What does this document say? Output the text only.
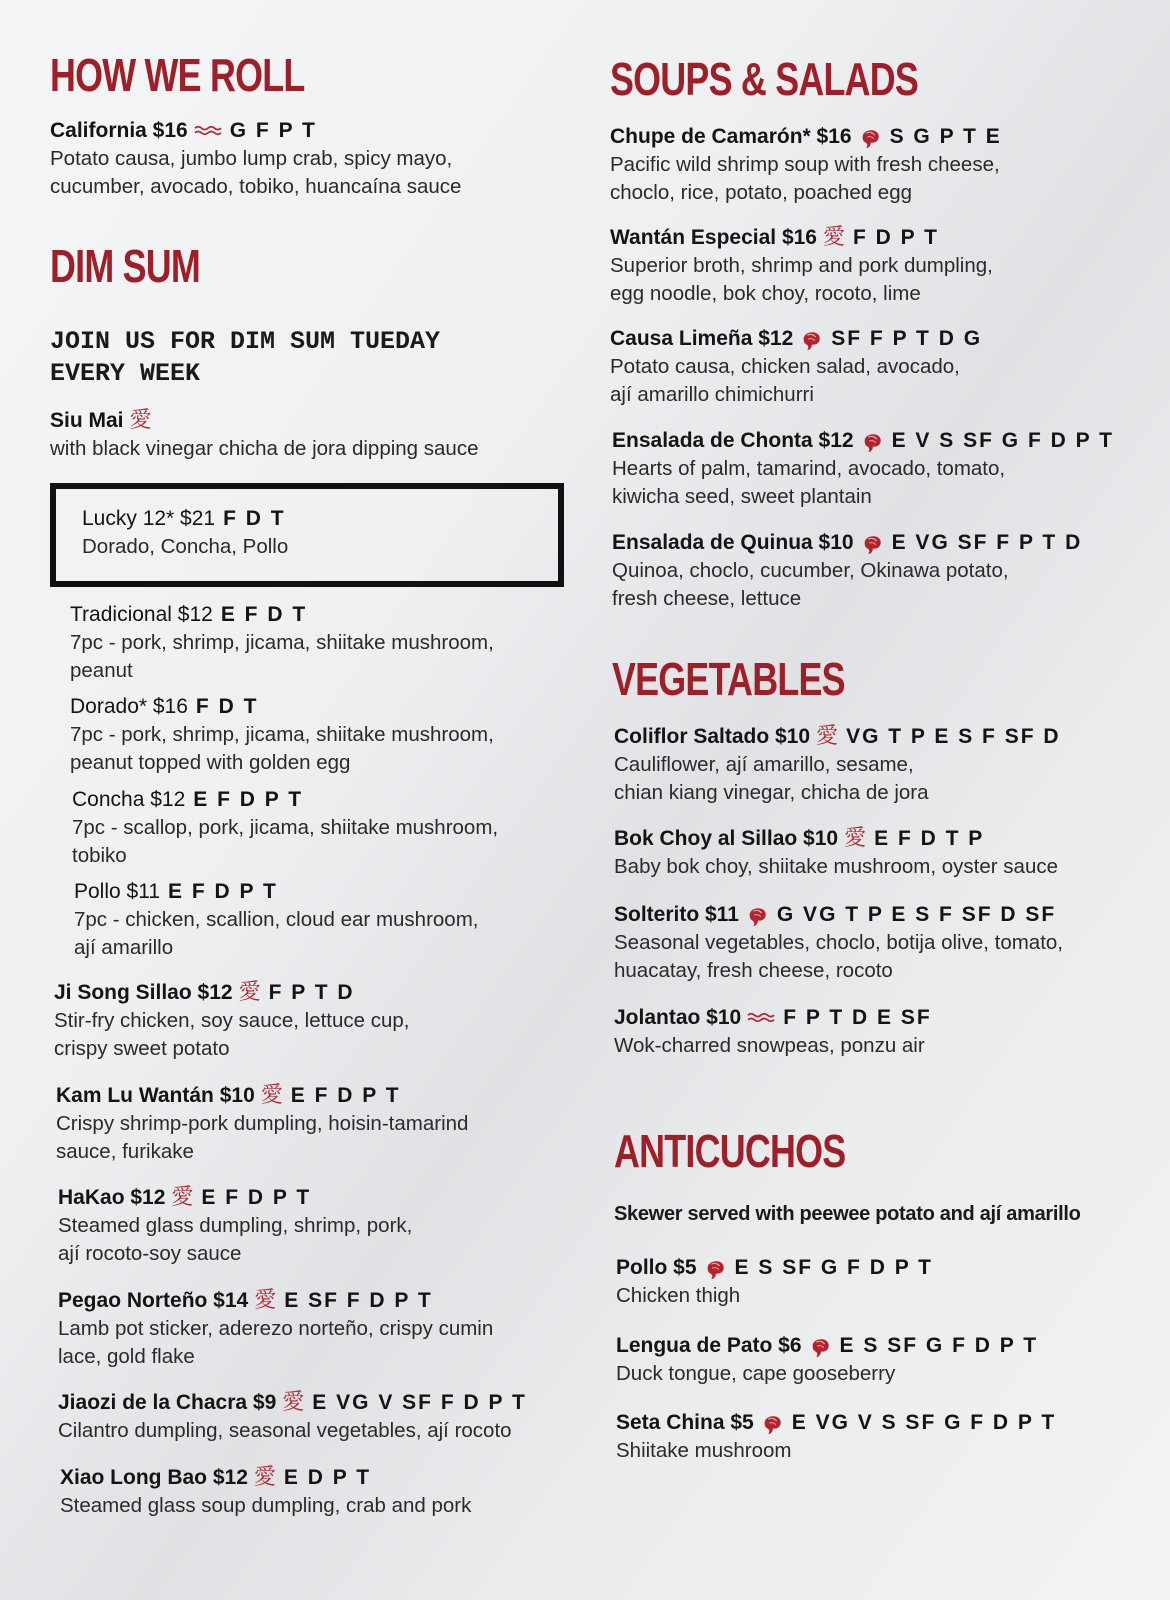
HOW WE ROLL
California $16 G F P T
Potato causa, jumbo lump crab, spicy mayo,
cucumber, avocado, tobiko, huancaína sauce
DIM SUM
JOIN US FOR DIM SUM TUEDAY
EVERY WEEK
Siu Mai 愛
with black vinegar chicha de jora dipping sauce
Lucky 12* $21 F D T
Dorado, Concha, Pollo
Tradicional $12 E F D T
7pc - pork, shrimp, jicama, shiitake mushroom,
peanut
Dorado* $16 F D T
7pc - pork, shrimp, jicama, shiitake mushroom,
peanut topped with golden egg
Concha $12 E F D P T
7pc - scallop, pork, jicama, shiitake mushroom,
tobiko
Pollo $11 E F D P T
7pc - chicken, scallion, cloud ear mushroom,
ají amarillo
Ji Song Sillao $12 愛 F P T D
Stir-fry chicken, soy sauce, lettuce cup,
crispy sweet potato
Kam Lu Wantán $10 愛 E F D P T
Crispy shrimp-pork dumpling, hoisin-tamarind
sauce, furikake
HaKao $12 愛 E F D P T
Steamed glass dumpling, shrimp, pork,
ají rocoto-soy sauce
Pegao Norteño $14 愛 E SF F D P T
Lamb pot sticker, aderezo norteño, crispy cumin
lace, gold flake
Jiaozi de la Chacra $9 愛 E VG V SF F D P T
Cilantro dumpling, seasonal vegetables, ají rocoto
Xiao Long Bao $12 愛 E D P T
Steamed glass soup dumpling, crab and pork
SOUPS & SALADS
Chupe de Camarón* $16 S G P T E
Pacific wild shrimp soup with fresh cheese,
choclo, rice, potato, poached egg
Wantán Especial $16 愛 F D P T
Superior broth, shrimp and pork dumpling,
egg noodle, bok choy, rocoto, lime
Causa Limeña $12 SF F P T D G
Potato causa, chicken salad, avocado,
ají amarillo chimichurri
Ensalada de Chonta $12 E V S SF G F D P T
Hearts of palm, tamarind, avocado, tomato,
kiwicha seed, sweet plantain
Ensalada de Quinua $10 E VG SF F P T D
Quinoa, choclo, cucumber, Okinawa potato,
fresh cheese, lettuce
VEGETABLES
Coliflor Saltado $10 愛 VG T P E S F SF D
Cauliflower, ají amarillo, sesame,
chian kiang vinegar, chicha de jora
Bok Choy al Sillao $10 愛 E F D T P
Baby bok choy, shiitake mushroom, oyster sauce
Solterito $11 G VG T P E S F SF D SF
Seasonal vegetables, choclo, botija olive, tomato,
huacatay, fresh cheese, rocoto
Jolantao $10 F P T D E SF
Wok-charred snowpeas, ponzu air
ANTICUCHOS
Skewer served with peewee potato and ají amarillo
Pollo $5 E S SF G F D P T
Chicken thigh
Lengua de Pato $6 E S SF G F D P T
Duck tongue, cape gooseberry
Seta China $5 E VG V S SF G F D P T
Shiitake mushroom
